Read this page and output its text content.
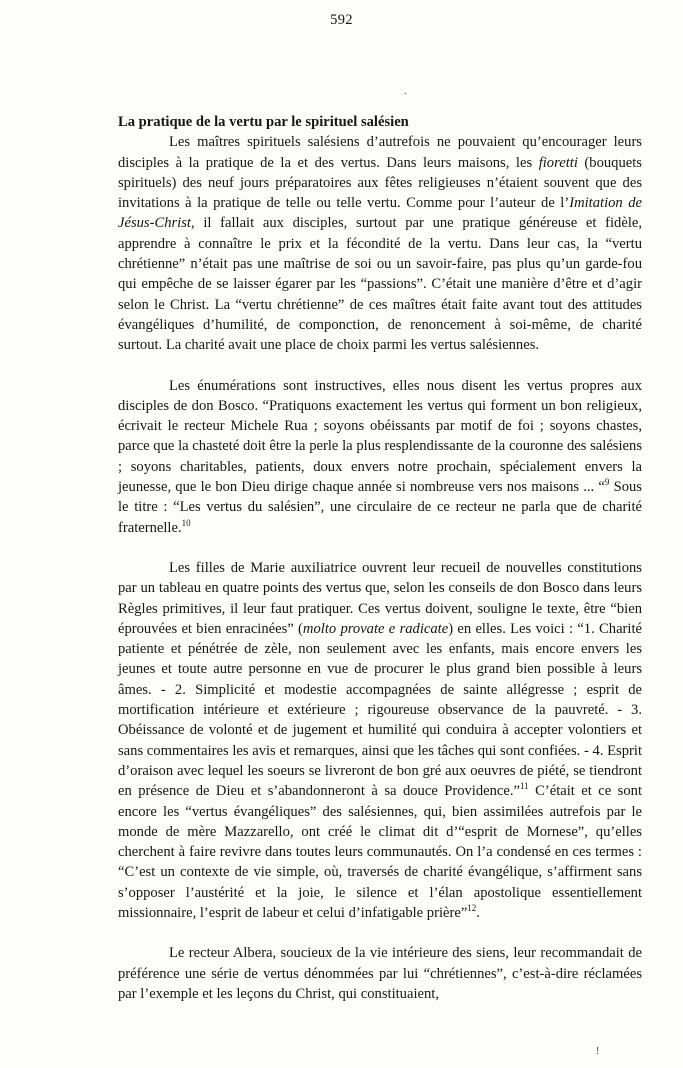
592
.
!

La pratique de la vertu par le spirituel salésien

Les maîtres spirituels salésiens d’autrefois ne pouvaient qu’encourager leurs disciples à la pratique de la et des vertus. Dans leurs maisons, les fioretti (bouquets spirituels) des neuf jours préparatoires aux fêtes religieuses n’étaient souvent que des invitations à la pratique de telle ou telle vertu. Comme pour l’auteur de l’Imitation de Jésus-Christ, il fallait aux disciples, surtout par une pratique généreuse et fidèle, apprendre à connaître le prix et la fécondité de la vertu. Dans leur cas, la “vertu chrétienne” n’était pas une maîtrise de soi ou un savoir-faire, pas plus qu’un garde-fou qui empêche de se laisser égarer par les “passions”. C’était une manière d’être et d’agir selon le Christ. La “vertu chrétienne” de ces maîtres était faite avant tout des attitudes évangéliques d’humilité, de componction, de renoncement à soi-même, de charité surtout. La charité avait une place de choix parmi les vertus salésiennes.

Les énumérations sont instructives, elles nous disent les vertus propres aux disciples de don Bosco. “Pratiquons exactement les vertus qui forment un bon religieux, écrivait le recteur Michele Rua ; soyons obéissants par motif de foi ; soyons chastes, parce que la chasteté doit être la perle la plus resplendissante de la couronne des salésiens ; soyons charitables, patients, doux envers notre prochain, spécialement envers la jeunesse, que le bon Dieu dirige chaque année si nombreuse vers nos maisons ... “$^9$ Sous le titre : “Les vertus du salésien”, une circulaire de ce recteur ne parla que de charité fraternelle.$^{10}$

Les filles de Marie auxiliatrice ouvrent leur recueil de nouvelles constitutions par un tableau en quatre points des vertus que, selon les conseils de don Bosco dans leurs Règles primitives, il leur faut pratiquer. Ces vertus doivent, souligne le texte, être “bien éprouvées et bien enracinées” (molto provate e radicate) en elles. Les voici : “1. Charité patiente et pénétrée de zèle, non seulement avec les enfants, mais encore envers les jeunes et toute autre personne en vue de procurer le plus grand bien possible à leurs âmes. - 2. Simplicité et modestie accompagnées de sainte allégresse ; esprit de mortification intérieure et extérieure ; rigoureuse observance de la pauvreté. - 3. Obéissance de volonté et de jugement et humilité qui conduira à accepter volontiers et sans commentaires les avis et remarques, ainsi que les tâches qui sont confiées. - 4. Esprit d’oraison avec lequel les soeurs se livreront de bon gré aux oeuvres de piété, se tiendront en présence de Dieu et s’abandonneront à sa douce Providence.”$^{11}$ C’était et ce sont encore les “vertus évangéliques” des salésiennes, qui, bien assimilées autrefois par le monde de mère Mazzarello, ont créé le climat dit d’“esprit de Mornese”, qu’elles cherchent à faire revivre dans toutes leurs communautés. On l’a condensé en ces termes : “C’est un contexte de vie simple, où, traversés de charité évangélique, s’affirment sans s’opposer l’austérité et la joie, le silence et l’élan apostolique essentiellement missionnaire, l’esprit de labeur et celui d’infatigable prière”$^{12}$.

Le recteur Albera, soucieux de la vie intérieure des siens, leur recommandait de préférence une série de vertus dénommées par lui “chrétiennes”, c’est-à-dire réclamées par l’exemple et les leçons du Christ, qui constituaient,
